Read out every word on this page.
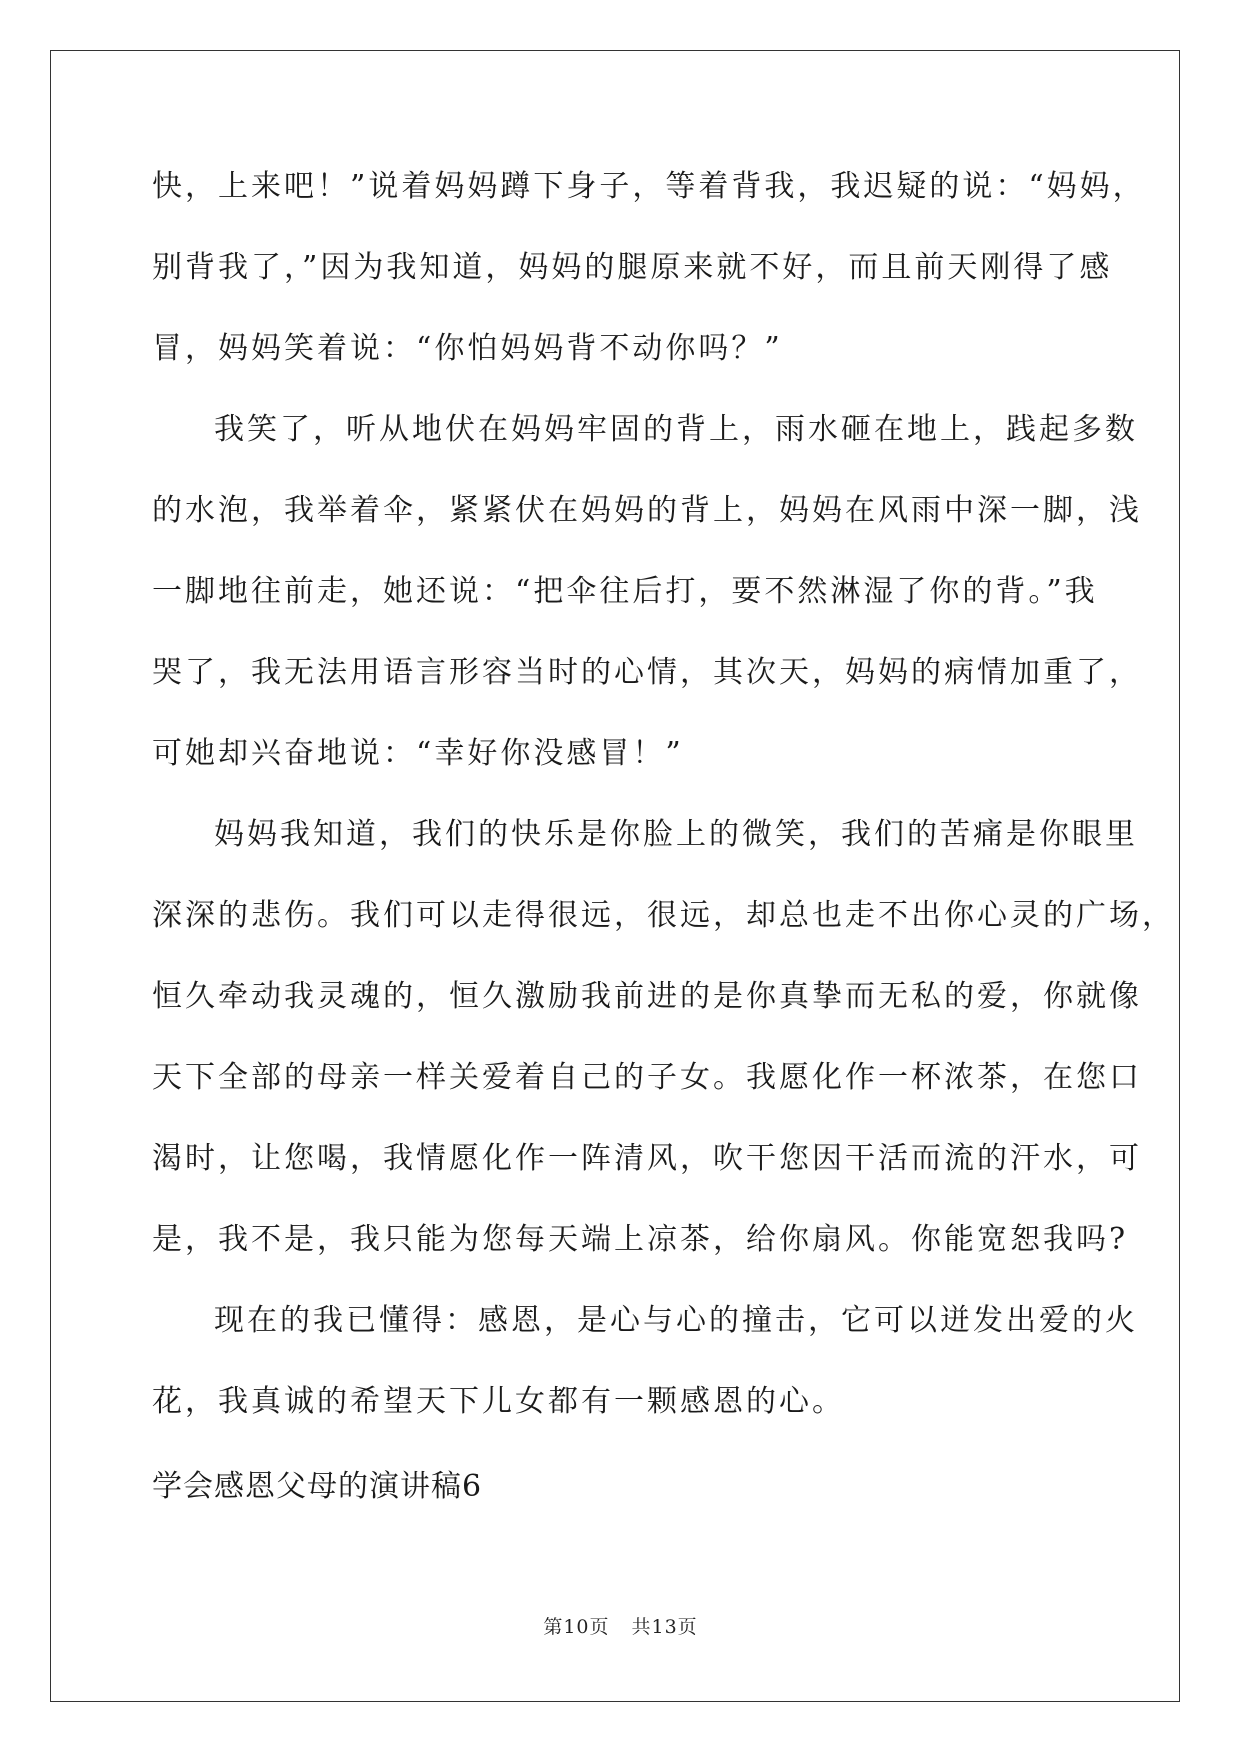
快，上来吧！”说着妈妈蹲下身子，等着背我，我迟疑的说：“妈妈，
别背我了，”因为我知道，妈妈的腿原来就不好，而且前天刚得了感
冒，妈妈笑着说：“你怕妈妈背不动你吗？”
我笑了，听从地伏在妈妈牢固的背上，雨水砸在地上，践起多数
的水泡，我举着伞，紧紧伏在妈妈的背上，妈妈在风雨中深一脚，浅
一脚地往前走，她还说：“把伞往后打，要不然淋湿了你的背。”我
哭了，我无法用语言形容当时的心情，其次天，妈妈的病情加重了，
可她却兴奋地说：“幸好你没感冒！”
妈妈我知道，我们的快乐是你脸上的微笑，我们的苦痛是你眼里
深深的悲伤。我们可以走得很远，很远，却总也走不出你心灵的广场，
恒久牵动我灵魂的，恒久激励我前进的是你真挚而无私的爱，你就像
天下全部的母亲一样关爱着自己的子女。我愿化作一杯浓茶，在您口
渴时，让您喝，我情愿化作一阵清风，吹干您因干活而流的汗水，可
是，我不是，我只能为您每天端上凉茶，给你扇风。你能宽恕我吗?
现在的我已懂得：感恩，是心与心的撞击，它可以迸发出爱的火
花，我真诚的希望天下儿女都有一颗感恩的心。
学会感恩父母的演讲稿6
第10页 共13页
